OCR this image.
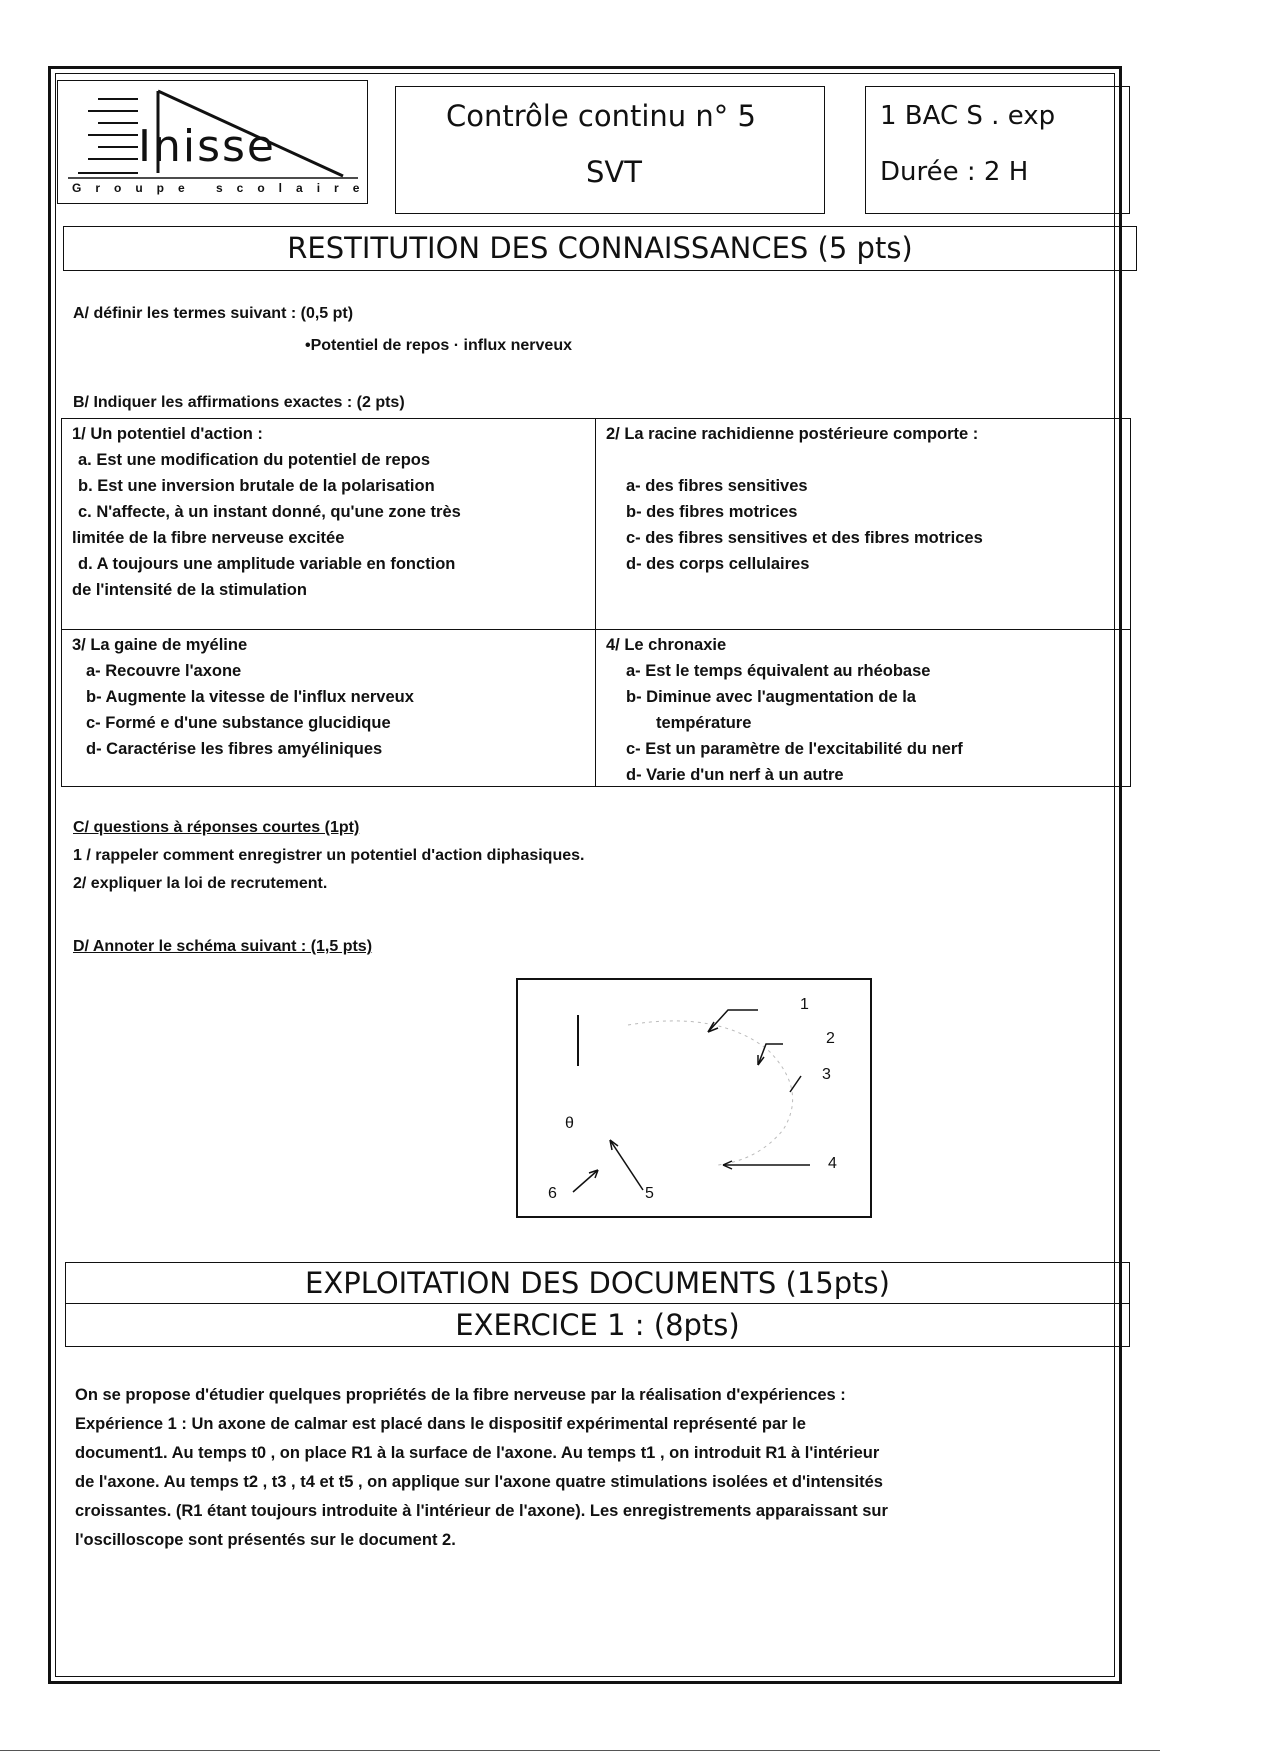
Inisse
Groupe scolaire
Contrôle continu n° 5
SVT
1 BAC S . exp
Durée : 2 H
RESTITUTION DES CONNAISSANCES (5 pts)
A/ définir les termes suivant : (0,5 pt)
•Potentiel de repos · influx nerveux
B/ Indiquer les affirmations exactes : (2 pts)
1/ Un potentiel d'action :
a. Est une modification du potentiel de repos
b. Est une inversion brutale de la polarisation
c. N'affecte, à un instant donné, qu'une zone très
limitée de la fibre nerveuse excitée
d. A toujours une amplitude variable en fonction
de l'intensité de la stimulation
2/ La racine rachidienne postérieure comporte :
a- des fibres sensitives
b- des fibres motrices
c- des fibres sensitives et des fibres motrices
d- des corps cellulaires
3/ La gaine de myéline
a- Recouvre l'axone
b- Augmente la vitesse de l'influx nerveux
c- Formé e d'une substance glucidique
d- Caractérise les fibres amyéliniques
4/ Le chronaxie
a- Est le temps équivalent au rhéobase
b- Diminue avec l'augmentation de la
température
c- Est un paramètre de l'excitabilité du nerf
d- Varie d'un nerf à un autre
C/ questions à réponses courtes (1pt)
1 / rappeler comment enregistrer un potentiel d'action diphasiques.
2/ expliquer la loi de recrutement.
D/ Annoter le schéma suivant : (1,5 pts)
1
2
3
4
5
6
θ
EXPLOITATION DES DOCUMENTS (15pts)
EXERCICE 1 : (8pts)
On se propose d'étudier quelques propriétés de la fibre nerveuse par la réalisation d'expériences :
Expérience 1 : Un axone de calmar est placé dans le dispositif expérimental représenté par le
document1. Au temps t0 , on place R1 à la surface de l'axone. Au temps t1 , on introduit R1 à l'intérieur
de l'axone. Au temps t2 , t3 , t4 et t5 , on applique sur l'axone quatre stimulations isolées et d'intensités
croissantes. (R1 étant toujours introduite à l'intérieur de l'axone). Les enregistrements apparaissant sur
l'oscilloscope sont présentés sur le document 2.
